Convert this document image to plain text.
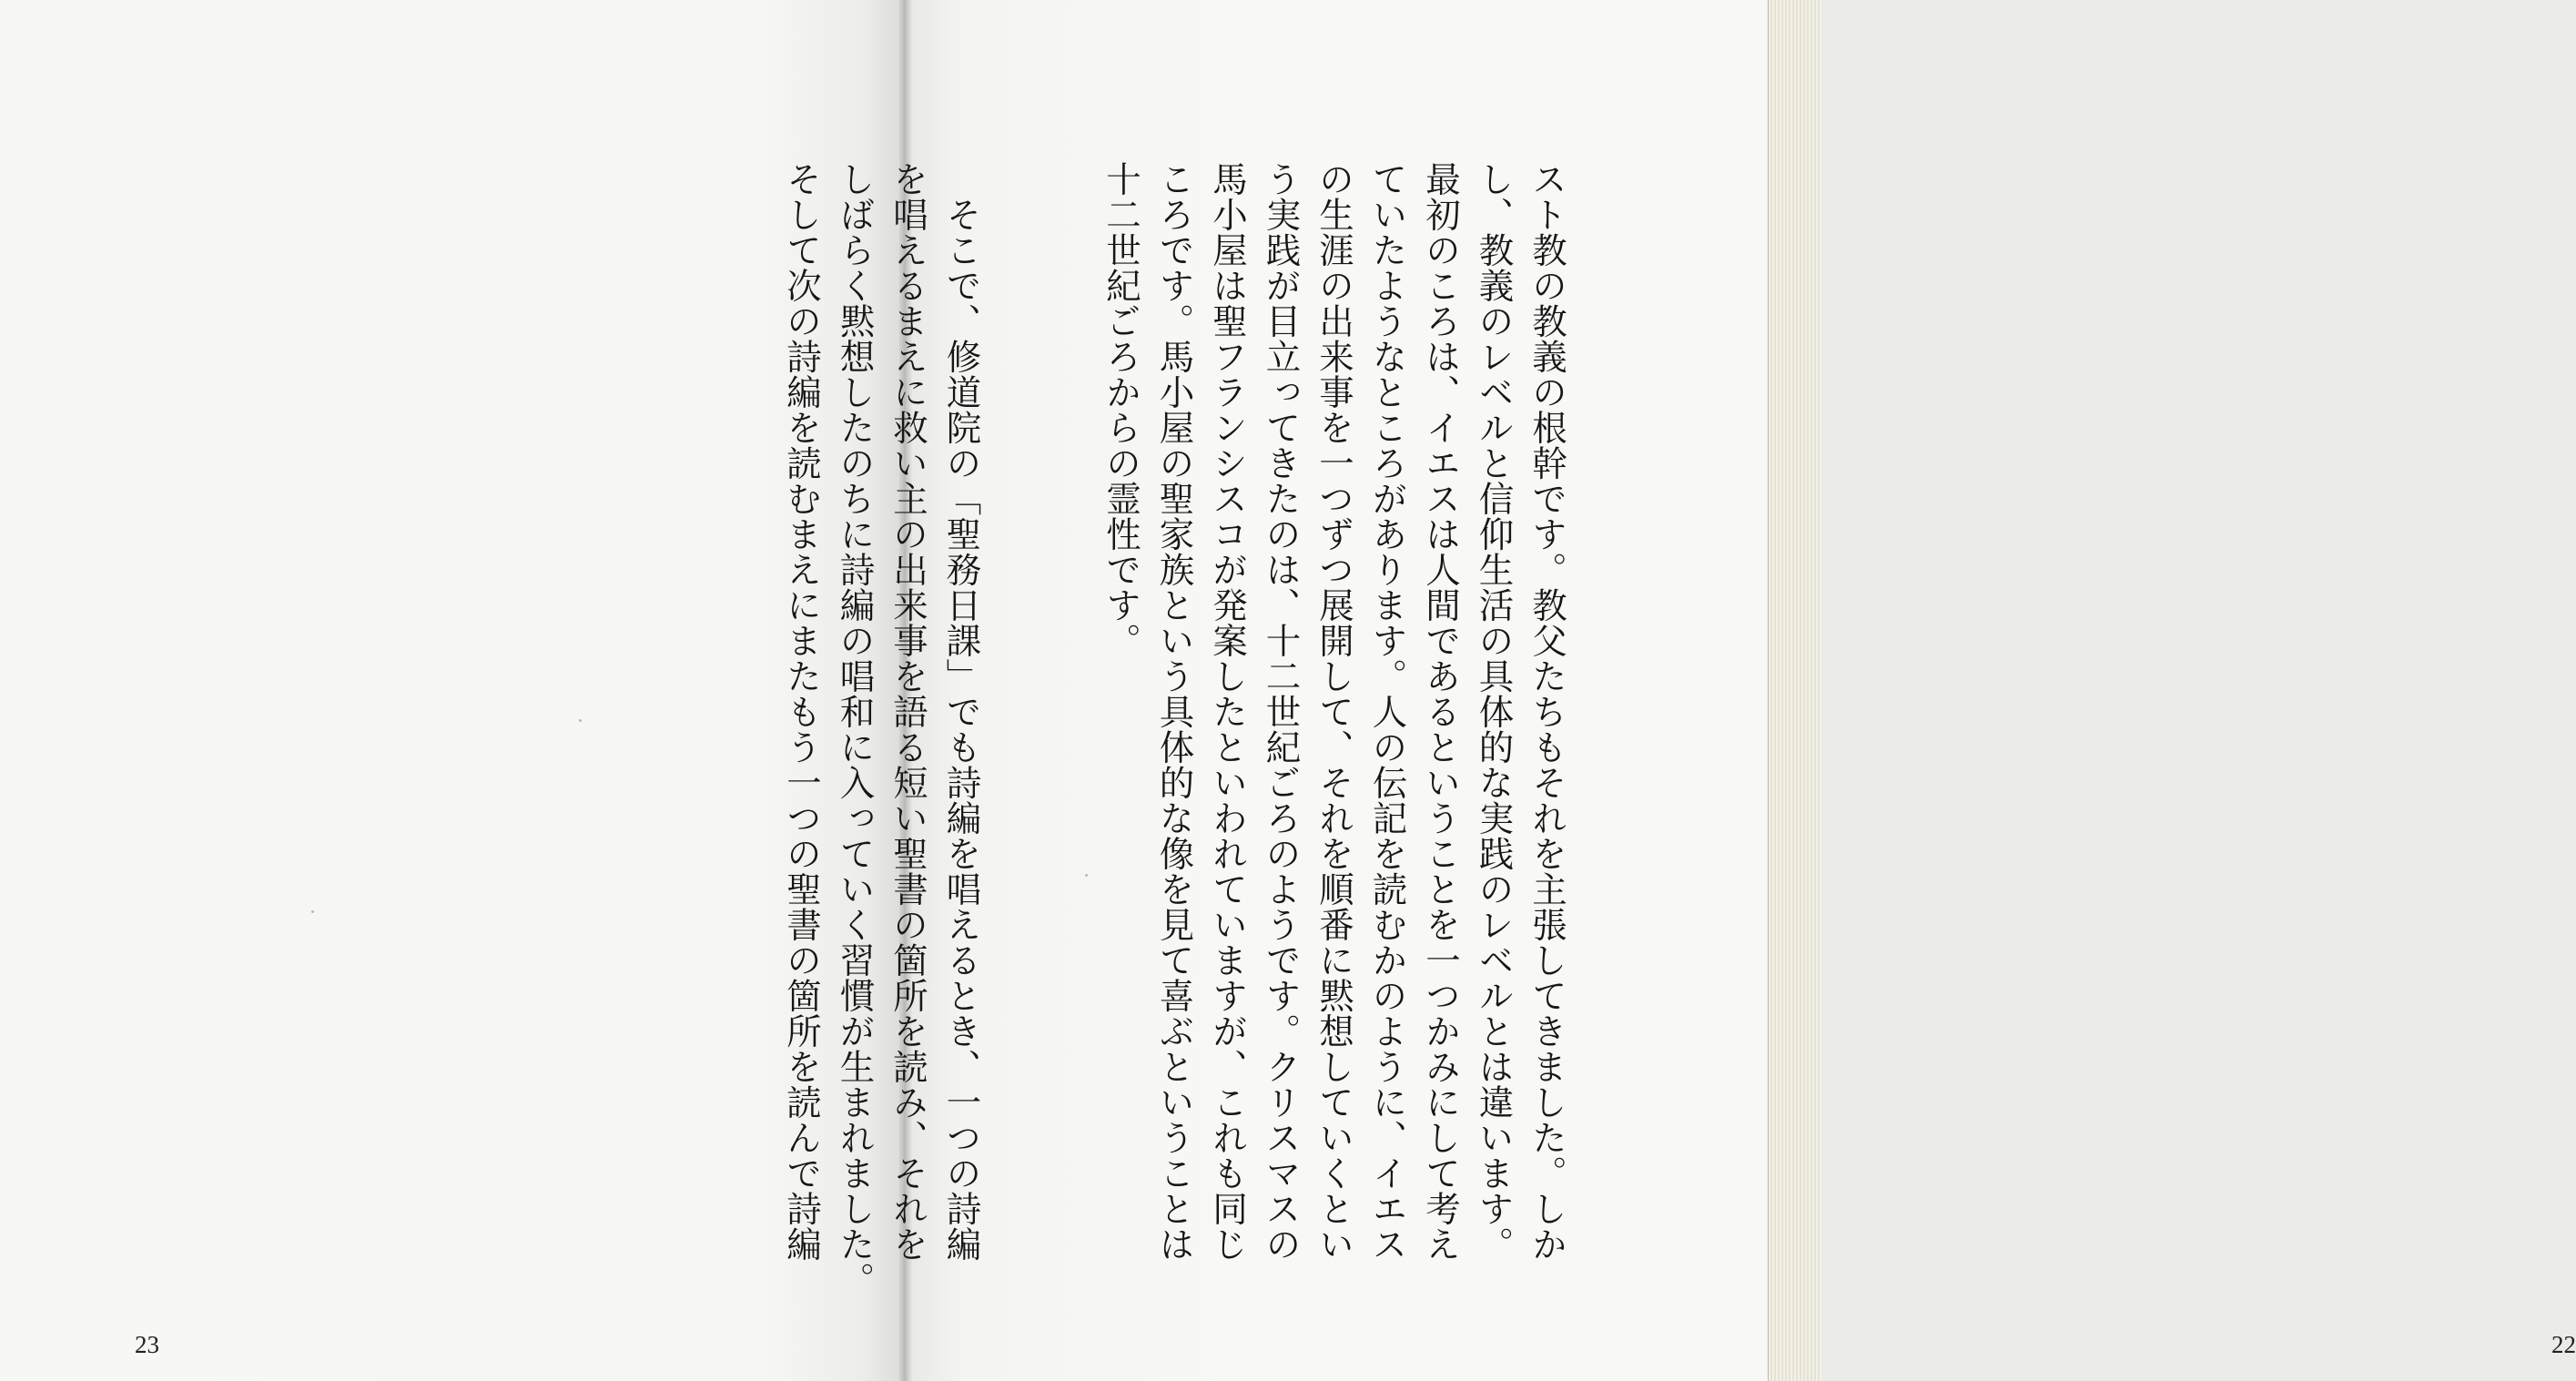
23

スト教の教義の根幹です。教父たちもそれを主張してきました。しか
し、教義のレベルと信仰生活の具体的な実践のレベルとは違います。
最初のころは、イエスは人間であるということを一つかみにして考え
ていたようなところがあります。人の伝記を読むかのように、イエス
の生涯の出来事を一つずつ展開して、それを順番に黙想していくとい
う実践が目立ってきたのは、十二世紀ごろのようです。クリスマスの
馬小屋は聖フランシスコが発案したといわれていますが、これも同じ
ころです。馬小屋の聖家族という具体的な像を見て喜ぶということは
十二世紀ごろからの霊性です。

　そこで、修道院の「聖務日課」でも詩編を唱えるとき、一つの詩編
を唱えるまえに救い主の出来事を語る短い聖書の箇所を読み、それを
しばらく黙想したのちに詩編の唱和に入っていく習慣が生まれました。
そして次の詩編を読むまえにまたもう一つの聖書の箇所を読んで詩編

22
